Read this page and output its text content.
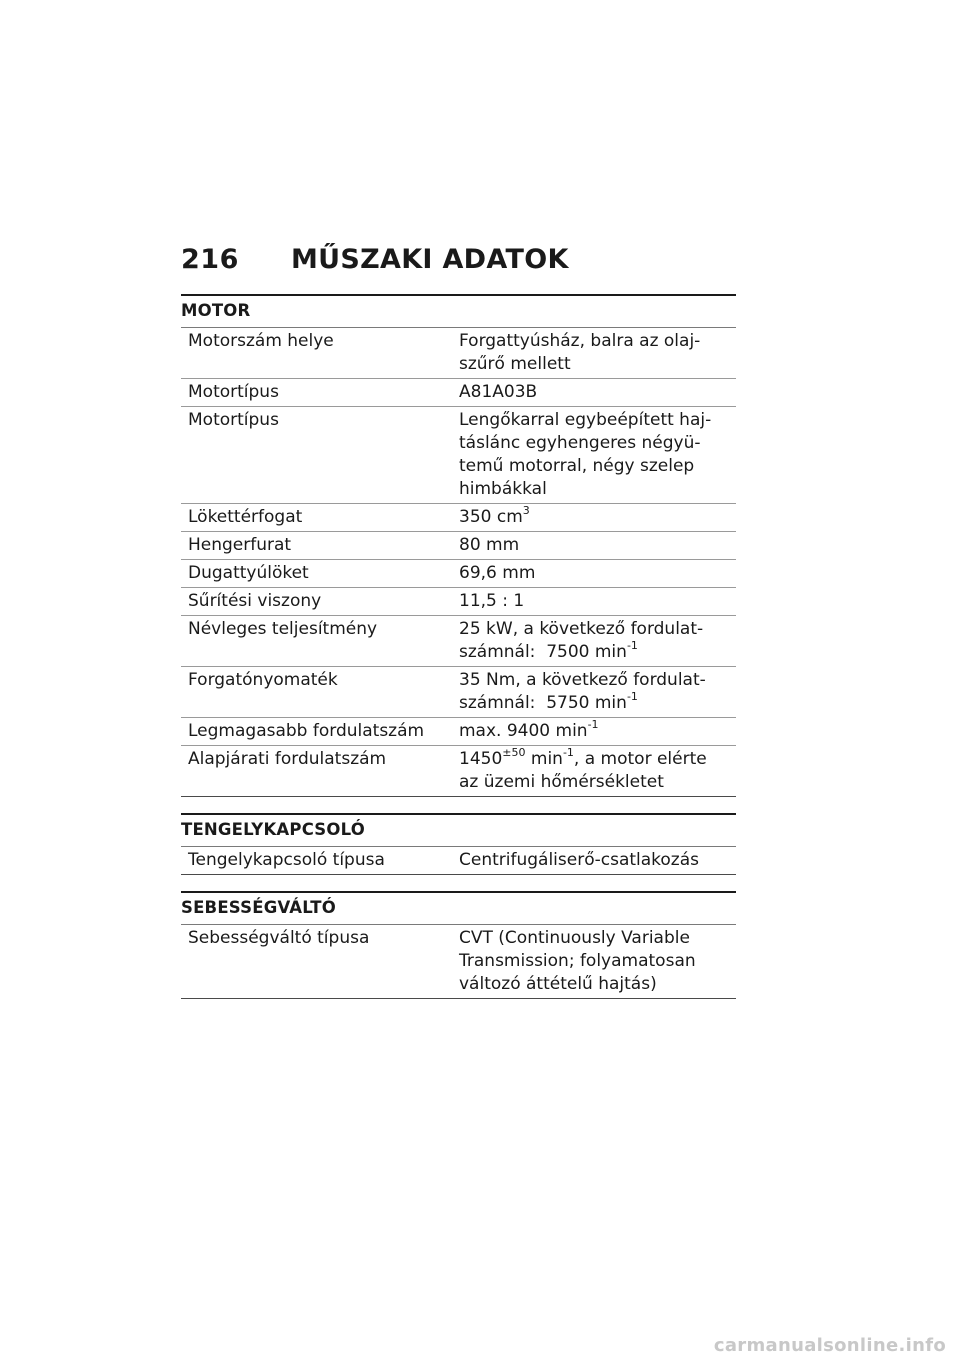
216	MŰSZAKI ADATOK
MOTOR
Motorszám helye	Forgattyúsház, balra az olaj-
szűrő mellett
Motortípus	A81A03B
Motortípus	Lengőkarral egybeépített haj-
táslánc egyhengeres négyü-
temű motorral, négy szelep
himbákkal
Lökettérfogat	350 $cm^3$
Hengerfurat	80 mm
Dugattyúlöket	69,6 mm
Sűrítési viszony	11,5 : 1
Névleges teljesítmény	25 kW, a következő fordulat-
számnál:  7500 $\min^{-1}$
Forgatónyomaték	35 Nm, a következő fordulat-
számnál:  5750 $\min^{-1}$
Legmagasabb fordulatszám	max. 9400 $\min^{-1}$
Alapjárati fordulatszám	$1450^{\pm 50}$ $\min^{-1}$, a motor elérte
az üzemi hőmérsékletet
TENGELYKAPCSOLÓ
Tengelykapcsoló típusa	Centrifugáliserő-csatlakozás
SEBESSÉGVÁLTÓ
Sebességváltó típusa	CVT (Continuously Variable
Transmission; folyamatosan
változó áttételű hajtás)
carmanualsonline.info
